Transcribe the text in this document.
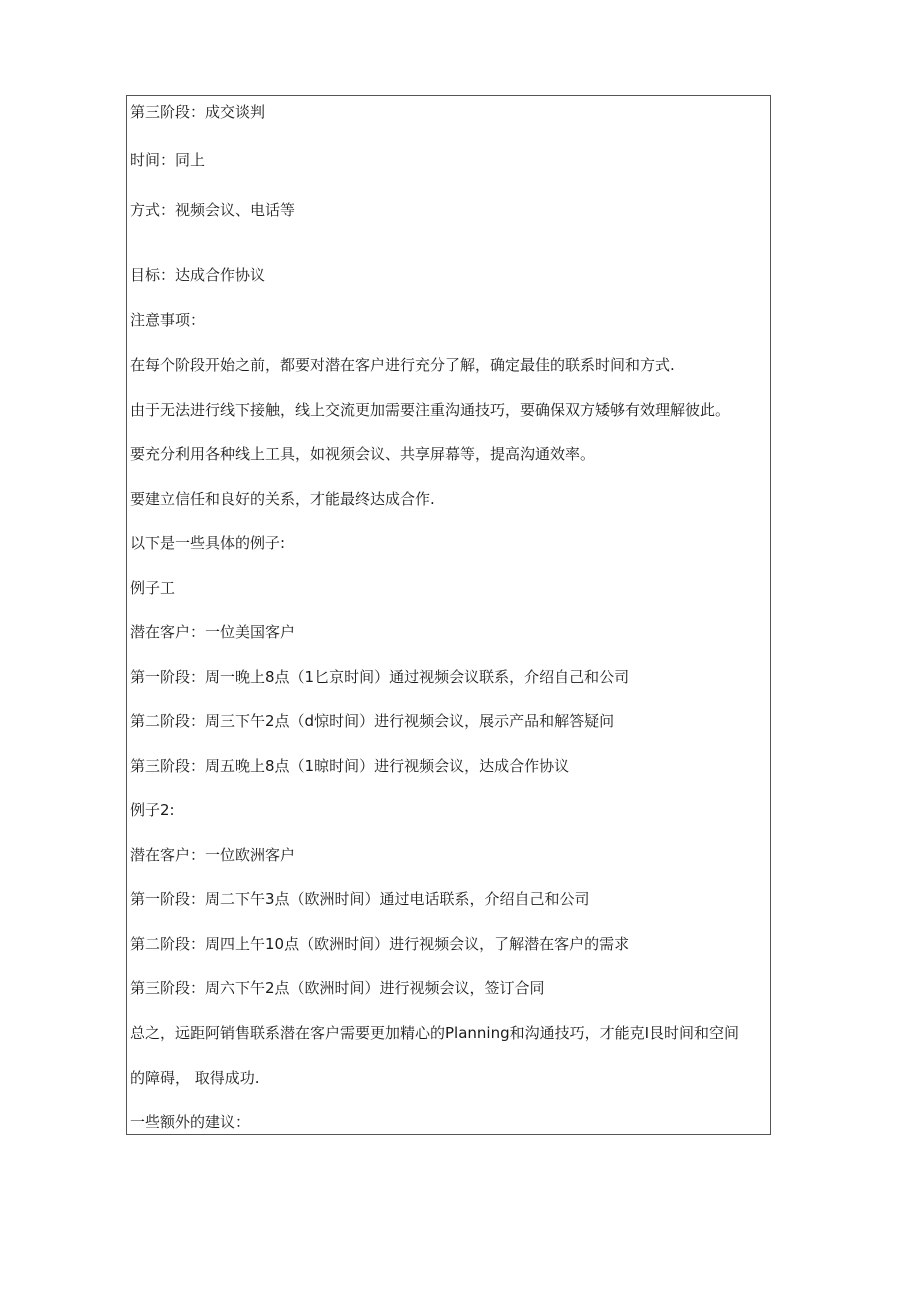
第三阶段：成交谈判
时间：同上
方式：视频会议、电话等
目标：达成合作协议
注意事项：
在每个阶段开始之前，都要对潜在客户进行充分了解，确定最佳的联系时间和方式.
由于无法进行线下接触，线上交流更加需要注重沟通技巧，要确保双方矮够有效理解彼此。
要充分利用各种线上工具，如视须会议、共享屏幕等，提高沟通效率。
要建立信任和良好的关系，才能最终达成合作.
以下是一些具体的例子:
例子工
潜在客户：一位美国客户
第一阶段：周一晚上8点（1匕京时间）通过视频会议联系，介绍自己和公司
第二阶段：周三下午2点（d惊时间）进行视频会议，展示产品和解答疑问
第三阶段：周五晚上8点（1晾时间）进行视频会议，达成合作协议
例子2:
潜在客户：一位欧洲客户
第一阶段：周二下午3点（欧洲时间）通过电话联系，介绍自己和公司
第二阶段：周四上午10点（欧洲时间）进行视频会议，了解潜在客户的需求
第三阶段：周六下午2点（欧洲时间）进行视频会议，签订合同
总之，远距阿销售联系潜在客户需要更加精心的Planning和沟通技巧，才能克I艮时间和空间
的障碍， 取得成功.
一些额外的建议：
